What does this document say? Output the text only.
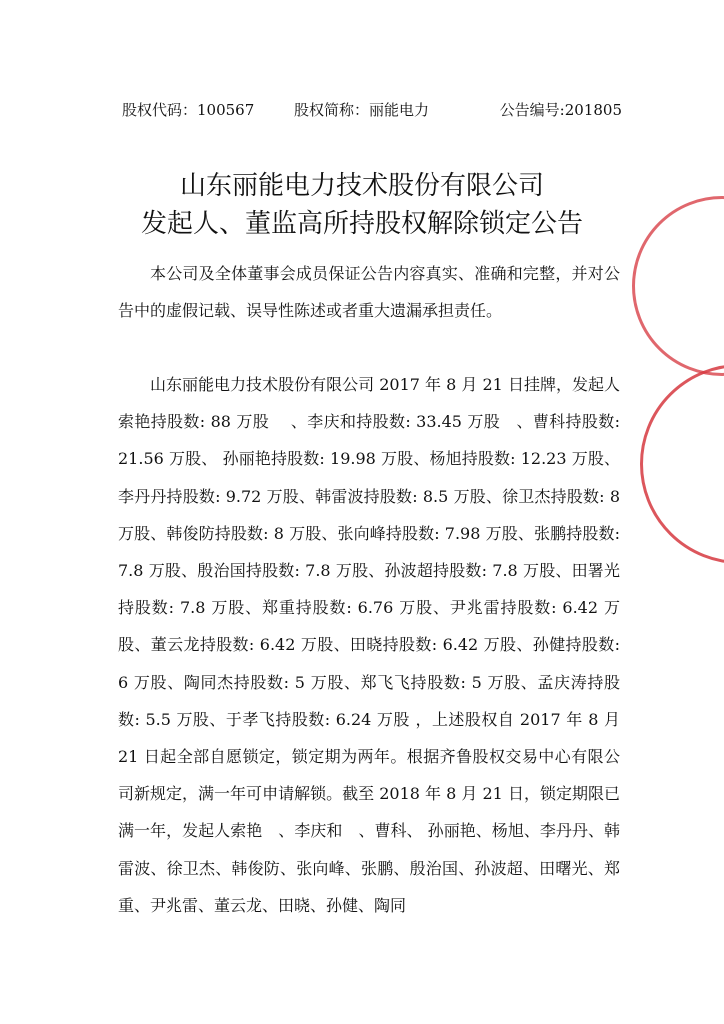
股权代码：100567	股权简称：丽能电力	公告编号:201805
山东丽能电力技术股份有限公司
发起人、董监高所持股权解除锁定公告
本公司及全体董事会成员保证公告内容真实、准确和完整，并对公告中的虚假记载、误导性陈述或者重大遗漏承担责任。
山东丽能电力技术股份有限公司 2017 年 8 月 21 日挂牌，发起人索艳持股数: 88 万股　 、李庆和持股数: 33.45 万股　、曹科持股数: 21.56 万股、 孙丽艳持股数: 19.98 万股、杨旭持股数: 12.23 万股、李丹丹持股数: 9.72 万股、韩雷波持股数: 8.5 万股、徐卫杰持股数: 8 万股、韩俊防持股数: 8 万股、张向峰持股数: 7.98 万股、张鹏持股数: 7.8 万股、殷治国持股数: 7.8 万股、孙波超持股数: 7.8 万股、田署光持股数: 7.8 万股、郑重持股数: 6.76 万股、尹兆雷持股数: 6.42 万股、董云龙持股数: 6.42 万股、田晓持股数: 6.42 万股、孙健持股数: 6 万股、陶同杰持股数: 5 万股、郑飞飞持股数: 5 万股、孟庆涛持股数: 5.5 万股、于孝飞持股数: 6.24 万股 ，上述股权自 2017 年 8 月 21 日起全部自愿锁定，锁定期为两年。根据齐鲁股权交易中心有限公司新规定，满一年可申请解锁。截至 2018 年 8 月 21 日，锁定期限已满一年，发起人索艳　、李庆和　、曹科、 孙丽艳、杨旭、李丹丹、韩雷波、徐卫杰、韩俊防、张向峰、张鹏、殷治国、孙波超、田曙光、郑重、尹兆雷、董云龙、田晓、孙健、陶同
